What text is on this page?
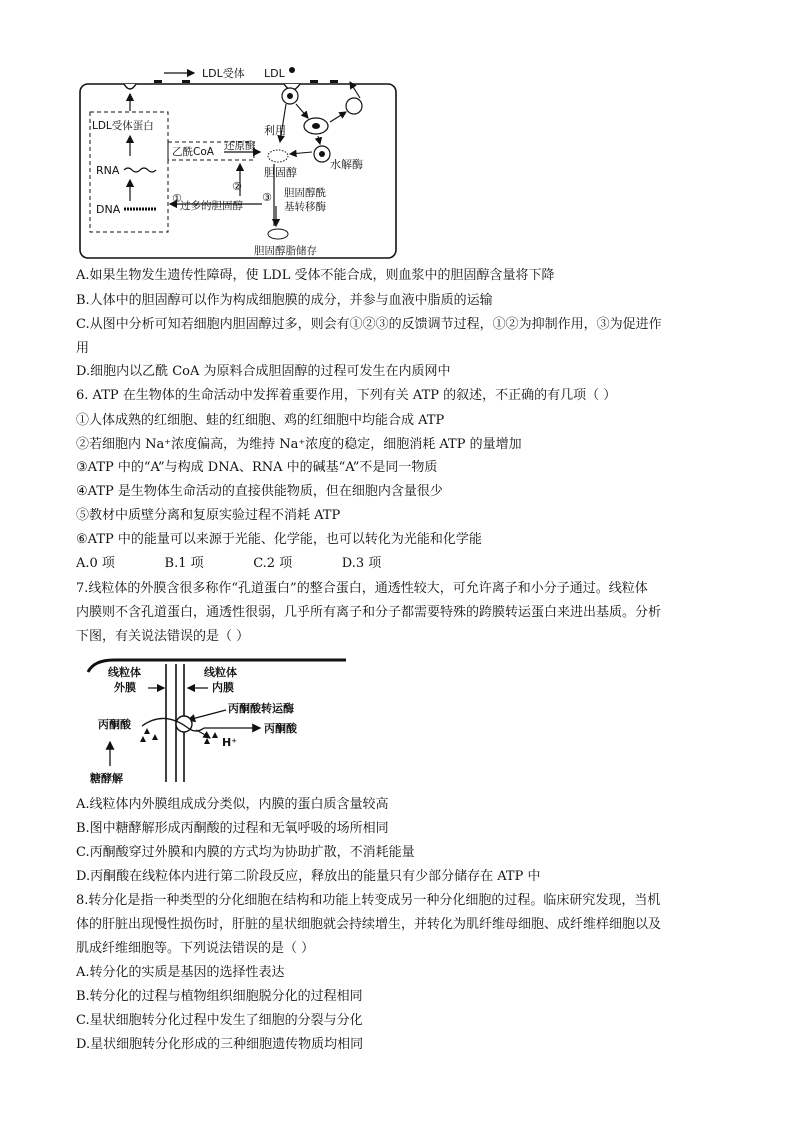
LDL受体 LDL
LDL受体蛋白
RNA
DNA
乙酰CoA 还原酶
胆固醇
利用
水解酶
①
过多的胆固醇
②
③ 胆固醇酰
基转移酶
胆固醇脂储存
A.如果生物发生遗传性障碍，使 LDL 受体不能合成，则血浆中的胆固醇含量将下降
B.人体中的胆固醇可以作为构成细胞膜的成分，并参与血液中脂质的运输
C.从图中分析可知若细胞内胆固醇过多，则会有①②③的反馈调节过程，①②为抑制作用，③为促进作
用
D.细胞内以乙酰 CoA 为原料合成胆固醇的过程可发生在内质网中
6. ATP 在生物体的生命活动中发挥着重要作用，下列有关 ATP 的叙述，不正确的有几项（ ）
①人体成熟的红细胞、蛙的红细胞、鸡的红细胞中均能合成 ATP
②若细胞内 Na⁺浓度偏高，为维持 Na⁺浓度的稳定，细胞消耗 ATP 的量增加
③ATP 中的“A”与构成 DNA、RNA 中的碱基“A”不是同一物质
④ATP 是生物体生命活动的直接供能物质，但在细胞内含量很少
⑤教材中质壁分离和复原实验过程不消耗 ATP
⑥ATP 中的能量可以来源于光能、化学能，也可以转化为光能和化学能
A.0 项            B.1 项            C.2 项            D.3 项
7.线粒体的外膜含很多称作“孔道蛋白”的整合蛋白，通透性较大，可允许离子和小分子通过。线粒体
内膜则不含孔道蛋白，通透性很弱，几乎所有离子和分子都需要特殊的跨膜转运蛋白来进出基质。分析
下图，有关说法错误的是（ ）
线粒体
外膜
线粒体
内膜
丙酮酸转运酶
丙酮酸	丙酮酸
H⁺
糖酵解
A.线粒体内外膜组成成分类似，内膜的蛋白质含量较高
B.图中糖酵解形成丙酮酸的过程和无氧呼吸的场所相同
C.丙酮酸穿过外膜和内膜的方式均为协助扩散，不消耗能量
D.丙酮酸在线粒体内进行第二阶段反应，释放出的能量只有少部分储存在 ATP 中
8.转分化是指一种类型的分化细胞在结构和功能上转变成另一种分化细胞的过程。临床研究发现，当机
体的肝脏出现慢性损伤时，肝脏的星状细胞就会持续增生，并转化为肌纤维母细胞、成纤维样细胞以及
肌成纤维细胞等。下列说法错误的是（ ）
A.转分化的实质是基因的选择性表达
B.转分化的过程与植物组织细胞脱分化的过程相同
C.星状细胞转分化过程中发生了细胞的分裂与分化
D.星状细胞转分化形成的三种细胞遗传物质均相同
